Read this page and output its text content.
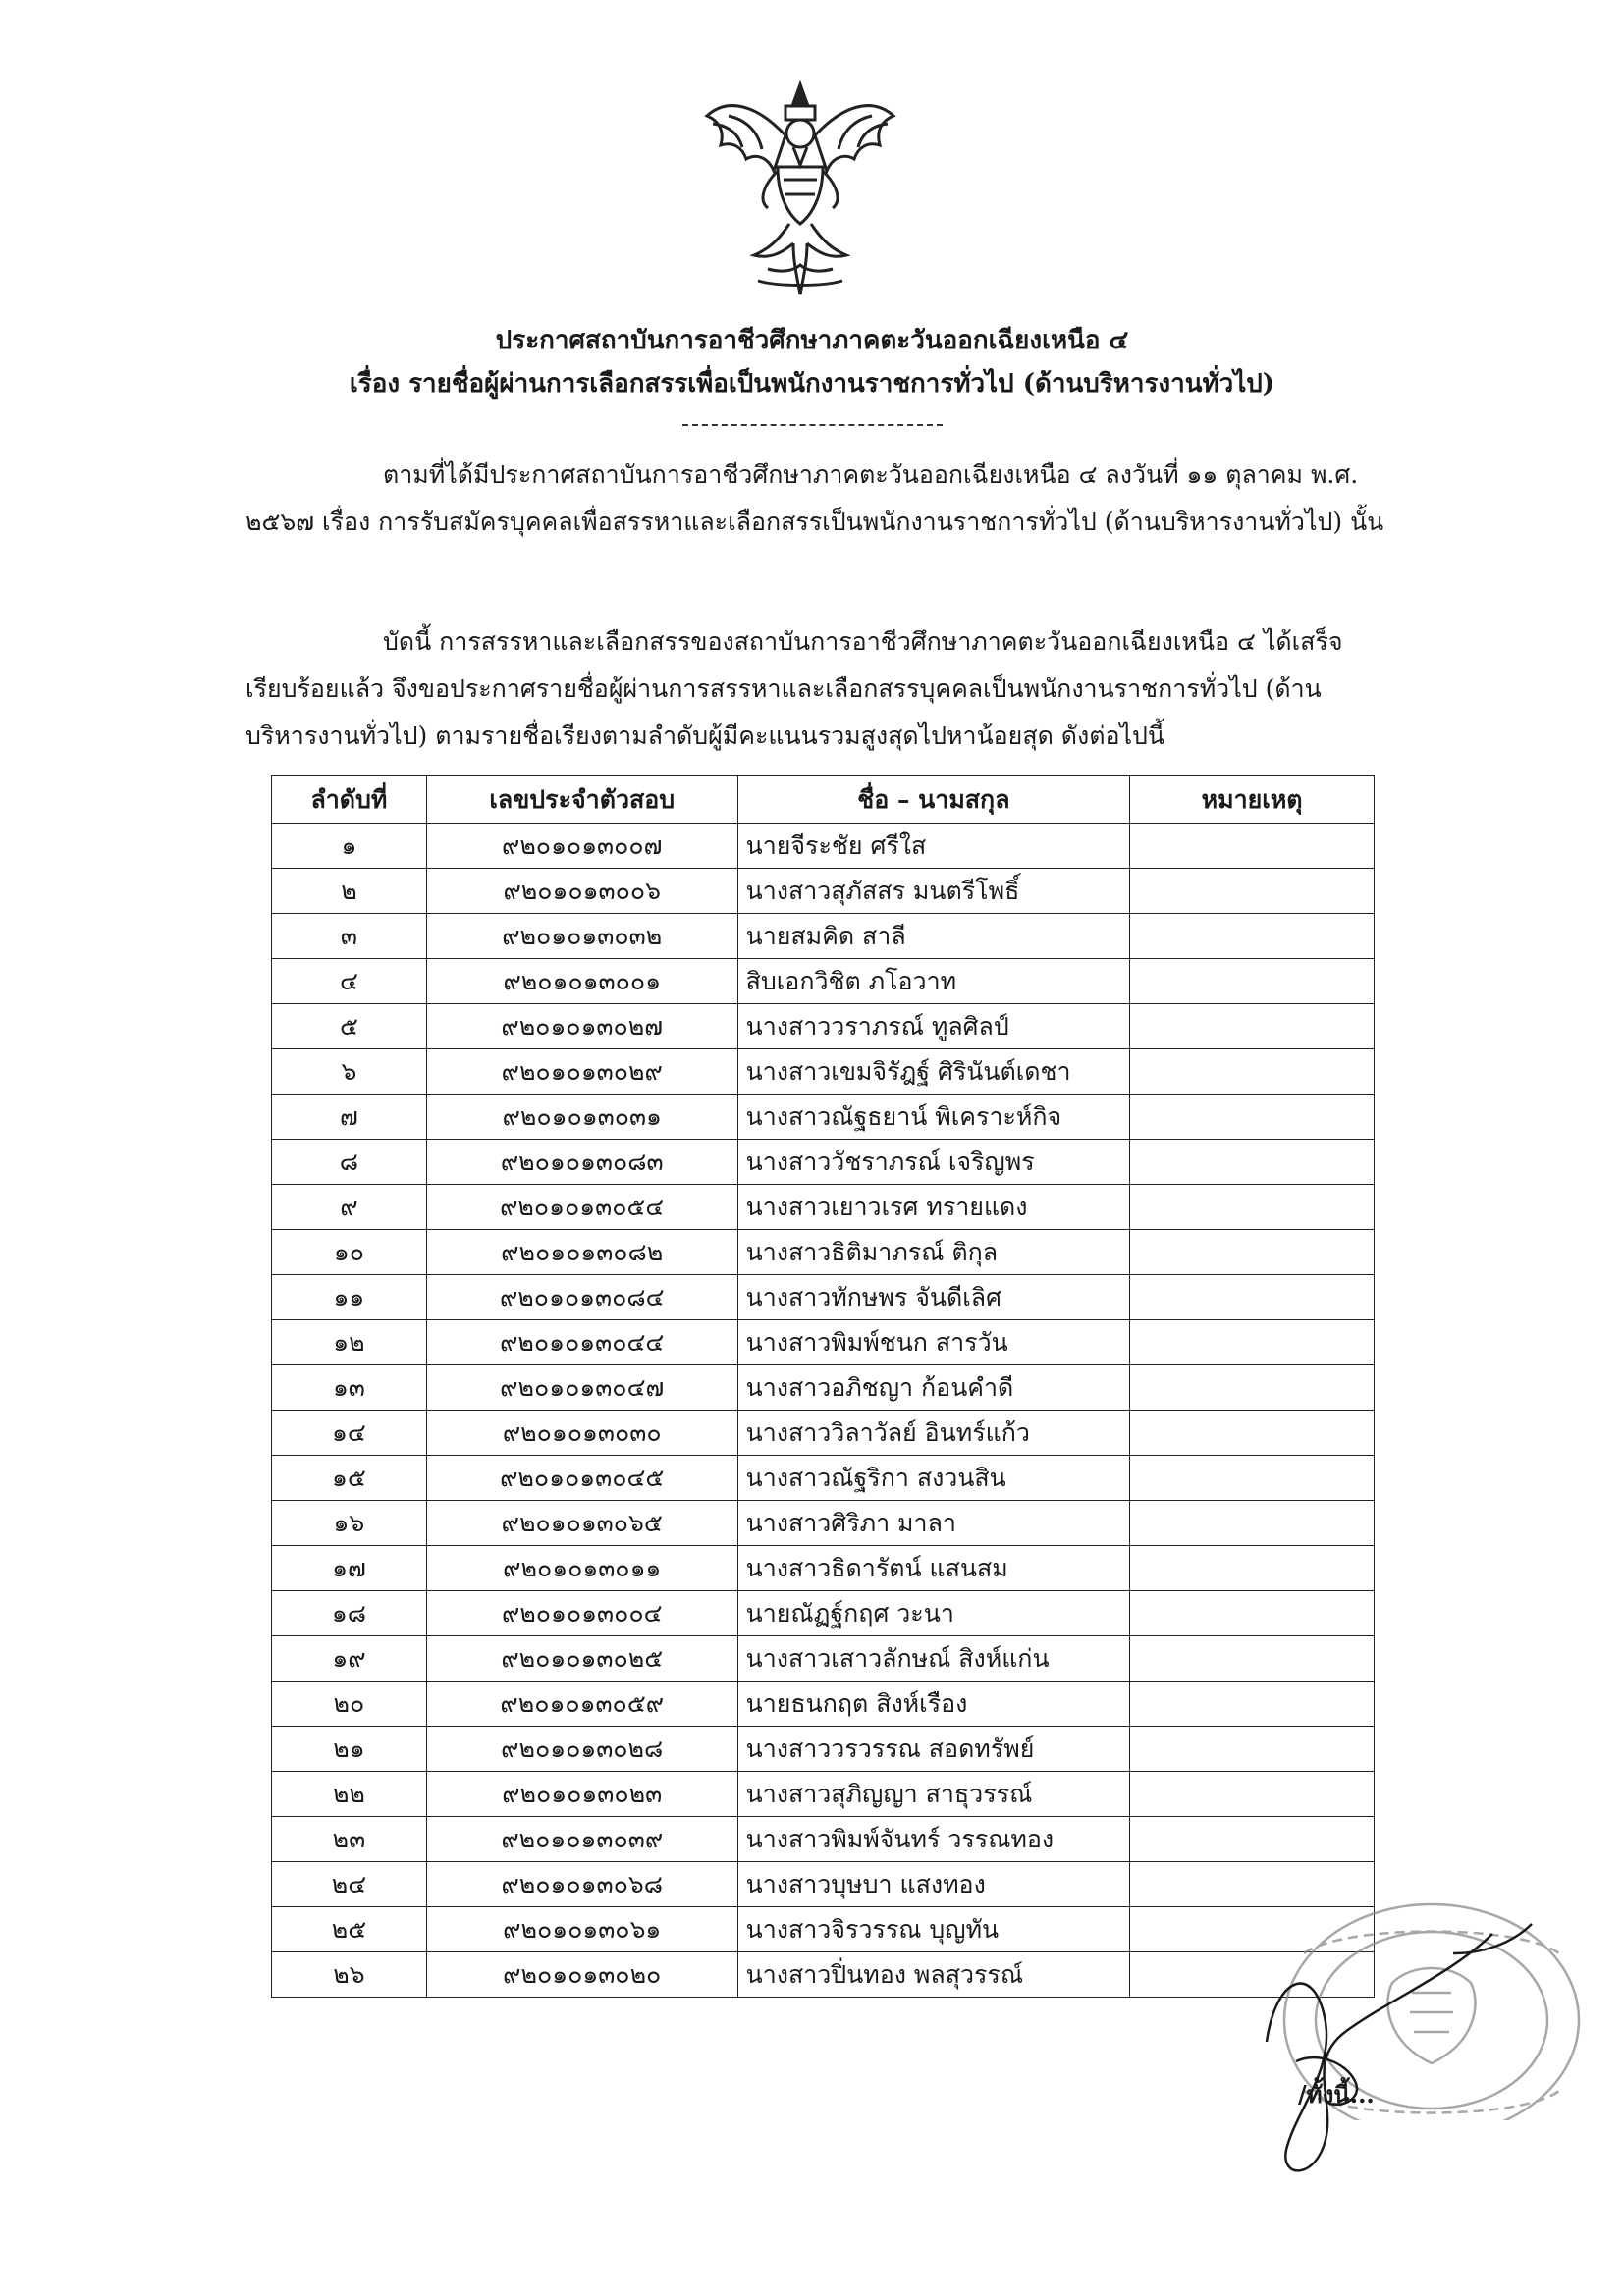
ประกาศสถาบันการอาชีวศึกษาภาคตะวันออกเฉียงเหนือ ๔
เรื่อง รายชื่อผู้ผ่านการเลือกสรรเพื่อเป็นพนักงานราชการทั่วไป (ด้านบริหารงานทั่วไป)
ตามที่ได้มีประกาศสถาบันการอาชีวศึกษาภาคตะวันออกเฉียงเหนือ ๔ ลงวันที่ ๑๑ ตุลาคม พ.ศ. ๒๕๖๗ เรื่อง การรับสมัครบุคคลเพื่อสรรหาและเลือกสรรเป็นพนักงานราชการทั่วไป (ด้านบริหารงานทั่วไป) นั้น
บัดนี้ การสรรหาและเลือกสรรของสถาบันการอาชีวศึกษาภาคตะวันออกเฉียงเหนือ ๔ ได้เสร็จเรียบร้อยแล้ว จึงขอประกาศรายชื่อผู้ผ่านการสรรหาและเลือกสรรบุคคลเป็นพนักงานราชการทั่วไป (ด้านบริหารงานทั่วไป) ตามรายชื่อเรียงตามลำดับผู้มีคะแนนรวมสูงสุดไปหาน้อยสุด ดังต่อไปนี้
ลำดับที่	เลขประจำตัวสอบ	ชื่อ – นามสกุล	หมายเหตุ
๑	๙๒๐๑๐๑๓๐๐๗	นายจีระชัย ศรีใส	
๒	๙๒๐๑๐๑๓๐๐๖	นางสาวสุภัสสร มนตรีโพธิ์	
๓	๙๒๐๑๐๑๓๐๓๒	นายสมคิด สาลี	
๔	๙๒๐๑๐๑๓๐๐๑	สิบเอกวิชิต ภโอวาท	
๕	๙๒๐๑๐๑๓๐๒๗	นางสาววราภรณ์ ทูลศิลป์	
๖	๙๒๐๑๐๑๓๐๒๙	นางสาวเขมจิรัฎฐ์ ศิรินันต์เดชา	
๗	๙๒๐๑๐๑๓๐๓๑	นางสาวณัฐธยาน์ พิเคราะห์กิจ	
๘	๙๒๐๑๐๑๓๐๘๓	นางสาววัชราภรณ์ เจริญพร	
๙	๙๒๐๑๐๑๓๐๕๔	นางสาวเยาวเรศ ทรายแดง	
๑๐	๙๒๐๑๐๑๓๐๘๒	นางสาวธิติมาภรณ์ ติกุล	
๑๑	๙๒๐๑๐๑๓๐๘๔	นางสาวทักษพร จันดีเลิศ	
๑๒	๙๒๐๑๐๑๓๐๔๔	นางสาวพิมพ์ชนก สารวัน	
๑๓	๙๒๐๑๐๑๓๐๔๗	นางสาวอภิชญา ก้อนคำดี	
๑๔	๙๒๐๑๐๑๓๐๓๐	นางสาววิลาวัลย์ อินทร์แก้ว	
๑๕	๙๒๐๑๐๑๓๐๔๕	นางสาวณัฐริกา สงวนสิน	
๑๖	๙๒๐๑๐๑๓๐๖๕	นางสาวศิริภา มาลา	
๑๗	๙๒๐๑๐๑๓๐๑๑	นางสาวธิดารัตน์ แสนสม	
๑๘	๙๒๐๑๐๑๓๐๐๔	นายณัฏฐ์กฤศ วะนา	
๑๙	๙๒๐๑๐๑๓๐๒๕	นางสาวเสาวลักษณ์ สิงห์แก่น	
๒๐	๙๒๐๑๐๑๓๐๕๙	นายธนกฤต สิงห์เรือง	
๒๑	๙๒๐๑๐๑๓๐๒๘	นางสาววรวรรณ สอดทรัพย์	
๒๒	๙๒๐๑๐๑๓๐๒๓	นางสาวสุภิญญา สาธุวรรณ์	
๒๓	๙๒๐๑๐๑๓๐๓๙	นางสาวพิมพ์จันทร์ วรรณทอง	
๒๔	๙๒๐๑๐๑๓๐๖๘	นางสาวบุษบา แสงทอง	
๒๕	๙๒๐๑๐๑๓๐๖๑	นางสาวจิรวรรณ บุญทัน	
๒๖	๙๒๐๑๐๑๓๐๒๐	นางสาวปิ่นทอง พลสุวรรณ์	
/ทั้งนี้...
